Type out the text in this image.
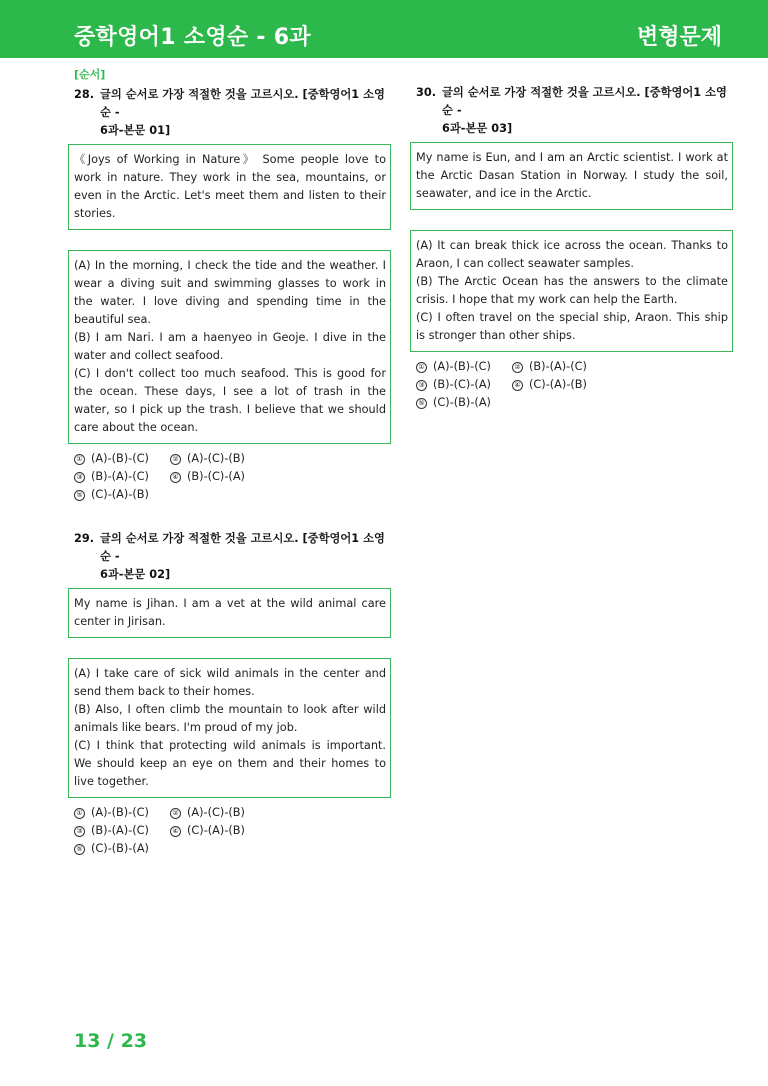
중학영어1 소영순 - 6과	변형문제
[순서]
28. 글의 순서로 가장 적절한 것을 고르시오. [중학영어1 소영순 -
6과-본문 01]

《Joys of Working in Nature》 Some people love to work in nature. They work in the sea, mountains, or even in the Arctic. Let's meet them and listen to their stories.

(A) In the morning, I check the tide and the weather. I wear a diving suit and swimming glasses to work in the water. I love diving and spending time in the beautiful sea.

(B) I am Nari. I am a haenyeo in Geoje. I dive in the water and collect seafood.

(C) I don't collect too much seafood. This is good for the ocean. These days, I see a lot of trash in the water, so I pick up the trash. I believe that we should care about the ocean.

① (A)-(B)-(C)	② (A)-(C)-(B)
③ (B)-(A)-(C)	④ (B)-(C)-(A)
⑤ (C)-(A)-(B)
29. 글의 순서로 가장 적절한 것을 고르시오. [중학영어1 소영순 -
6과-본문 02]

My name is Jihan. I am a vet at the wild animal care center in Jirisan.

(A) I take care of sick wild animals in the center and send them back to their homes.

(B) Also, I often climb the mountain to look after wild animals like bears. I'm proud of my job.

(C) I think that protecting wild animals is important. We should keep an eye on them and their homes to live together.

① (A)-(B)-(C)	② (A)-(C)-(B)
③ (B)-(A)-(C)	④ (C)-(A)-(B)
⑤ (C)-(B)-(A)
30. 글의 순서로 가장 적절한 것을 고르시오. [중학영어1 소영순 -
6과-본문 03]

My name is Eun, and I am an Arctic scientist. I work at the Arctic Dasan Station in Norway. I study the soil, seawater, and ice in the Arctic.

(A) It can break thick ice across the ocean. Thanks to Araon, I can collect seawater samples.

(B) The Arctic Ocean has the answers to the climate crisis. I hope that my work can help the Earth.

(C) I often travel on the special ship, Araon. This ship is stronger than other ships.

① (A)-(B)-(C)	② (B)-(A)-(C)
③ (B)-(C)-(A)	④ (C)-(A)-(B)
⑤ (C)-(B)-(A)
13 / 23
